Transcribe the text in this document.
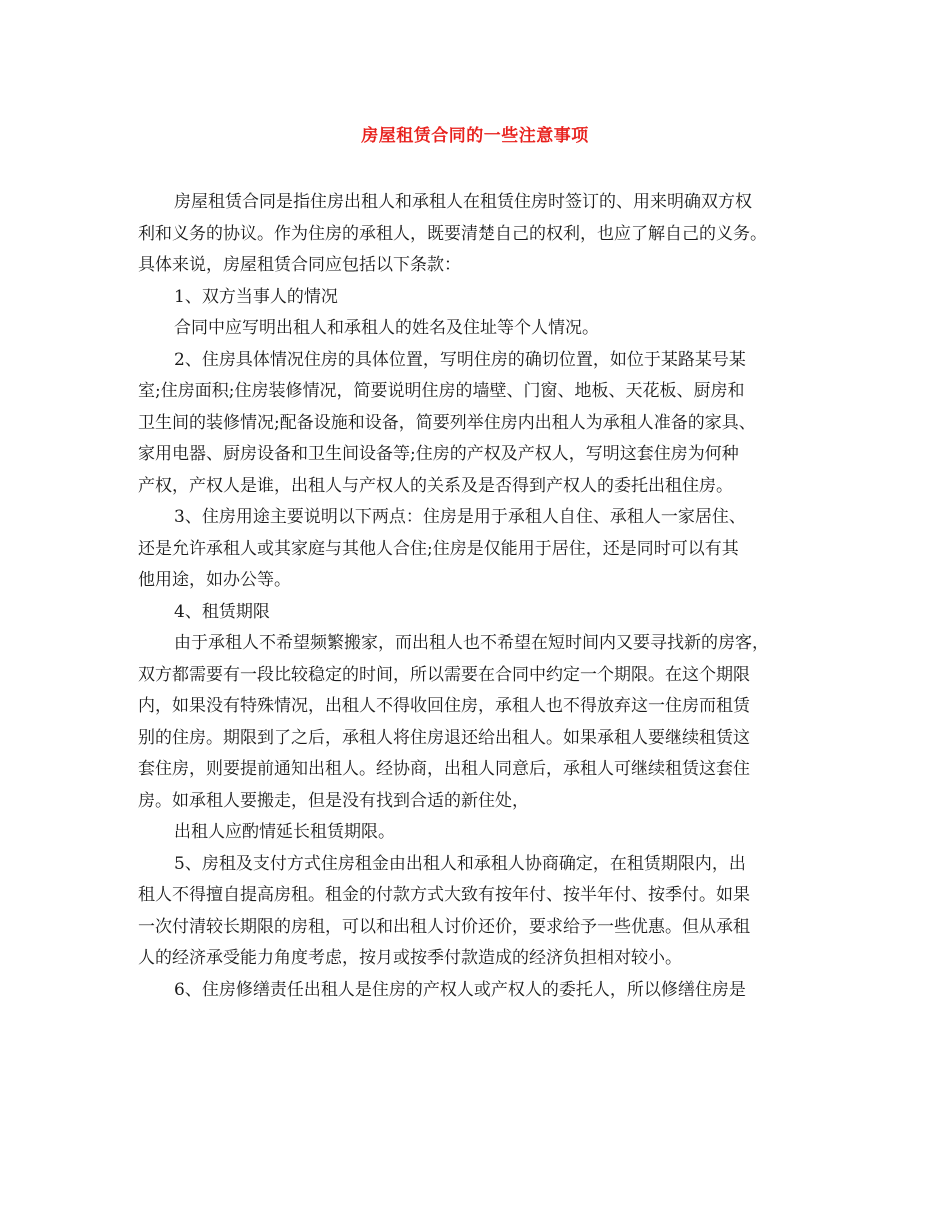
房屋租赁合同的一些注意事项
房屋租赁合同是指住房出租人和承租人在租赁住房时签订的、用来明确双方权
利和义务的协议。作为住房的承租人，既要清楚自己的权利，也应了解自己的义务。
具体来说，房屋租赁合同应包括以下条款：
1、双方当事人的情况
合同中应写明出租人和承租人的姓名及住址等个人情况。
2、住房具体情况住房的具体位置，写明住房的确切位置，如位于某路某号某
室;住房面积;住房装修情况，简要说明住房的墙壁、门窗、地板、天花板、厨房和
卫生间的装修情况;配备设施和设备，简要列举住房内出租人为承租人准备的家具、
家用电器、厨房设备和卫生间设备等;住房的产权及产权人，写明这套住房为何种
产权，产权人是谁，出租人与产权人的关系及是否得到产权人的委托出租住房。
3、住房用途主要说明以下两点：住房是用于承租人自住、承租人一家居住、
还是允许承租人或其家庭与其他人合住;住房是仅能用于居住，还是同时可以有其
他用途，如办公等。
4、租赁期限
由于承租人不希望频繁搬家，而出租人也不希望在短时间内又要寻找新的房客，
双方都需要有一段比较稳定的时间，所以需要在合同中约定一个期限。在这个期限
内，如果没有特殊情况，出租人不得收回住房，承租人也不得放弃这一住房而租赁
别的住房。期限到了之后，承租人将住房退还给出租人。如果承租人要继续租赁这
套住房，则要提前通知出租人。经协商，出租人同意后，承租人可继续租赁这套住
房。如承租人要搬走，但是没有找到合适的新住处，
出租人应酌情延长租赁期限。
5、房租及支付方式住房租金由出租人和承租人协商确定，在租赁期限内，出
租人不得擅自提高房租。租金的付款方式大致有按年付、按半年付、按季付。如果
一次付清较长期限的房租，可以和出租人讨价还价，要求给予一些优惠。但从承租
人的经济承受能力角度考虑，按月或按季付款造成的经济负担相对较小。
6、住房修缮责任出租人是住房的产权人或产权人的委托人，所以修缮住房是
